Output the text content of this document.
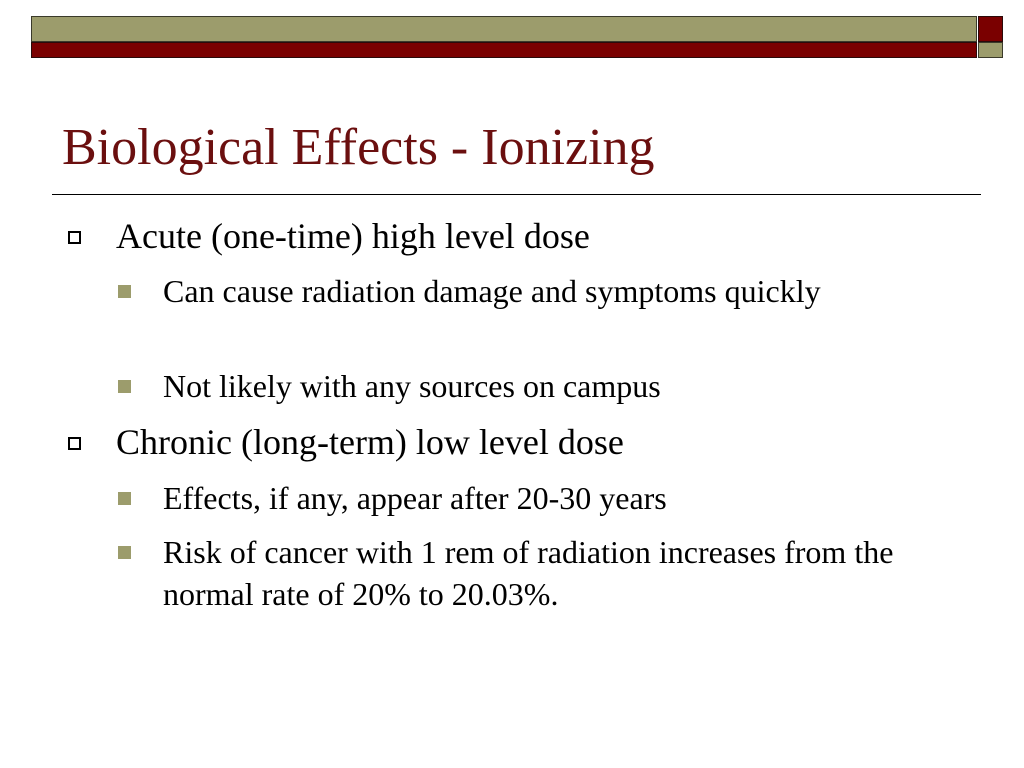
Biological Effects - Ionizing
Acute (one-time) high level dose
Can cause radiation damage and symptoms quickly
Not likely with any sources on campus
Chronic (long-term) low level dose
Effects, if any, appear after 20-30 years
Risk of cancer with 1 rem of radiation increases from the normal rate of 20% to 20.03%.
